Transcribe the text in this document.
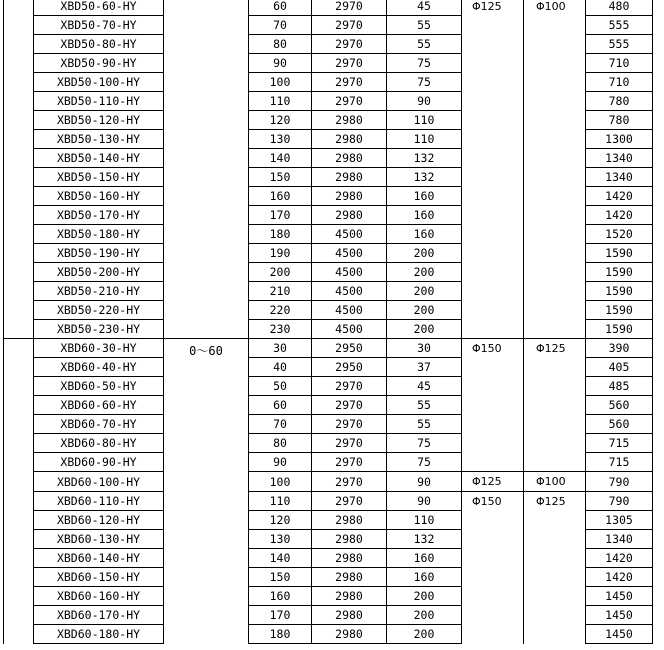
	XBD50-60-HY		60	2970	45	Φ125	Φ100	480
	XBD50-70-HY		70	2970	55			555
	XBD50-80-HY		80	2970	55			555
	XBD50-90-HY		90	2970	75			710
	XBD50-100-HY		100	2970	75			710
	XBD50-110-HY		110	2970	90			780
	XBD50-120-HY		120	2980	110			780
	XBD50-130-HY		130	2980	110			1300
	XBD50-140-HY		140	2980	132			1340
	XBD50-150-HY		150	2980	132			1340
	XBD50-160-HY		160	2980	160			1420
	XBD50-170-HY		170	2980	160			1420
	XBD50-180-HY		180	4500	160			1520
	XBD50-190-HY		190	4500	200			1590
	XBD50-200-HY		200	4500	200			1590
	XBD50-210-HY		210	4500	200			1590
	XBD50-220-HY		220	4500	200			1590
	XBD50-230-HY		230	4500	200			1590
	XBD60-30-HY	0～60	30	2950	30	Φ150	Φ125	390
	XBD60-40-HY		40	2950	37			405
	XBD60-50-HY		50	2970	45			485
	XBD60-60-HY		60	2970	55			560
	XBD60-70-HY		70	2970	55			560
	XBD60-80-HY		80	2970	75			715
	XBD60-90-HY		90	2970	75			715
	XBD60-100-HY		100	2970	90	Φ125	Φ100	790
	XBD60-110-HY		110	2970	90	Φ150	Φ125	790
	XBD60-120-HY		120	2980	110			1305
	XBD60-130-HY		130	2980	132			1340
	XBD60-140-HY		140	2980	160			1420
	XBD60-150-HY		150	2980	160			1420
	XBD60-160-HY		160	2980	200			1450
	XBD60-170-HY		170	2980	200			1450
	XBD60-180-HY		180	2980	200			1450
